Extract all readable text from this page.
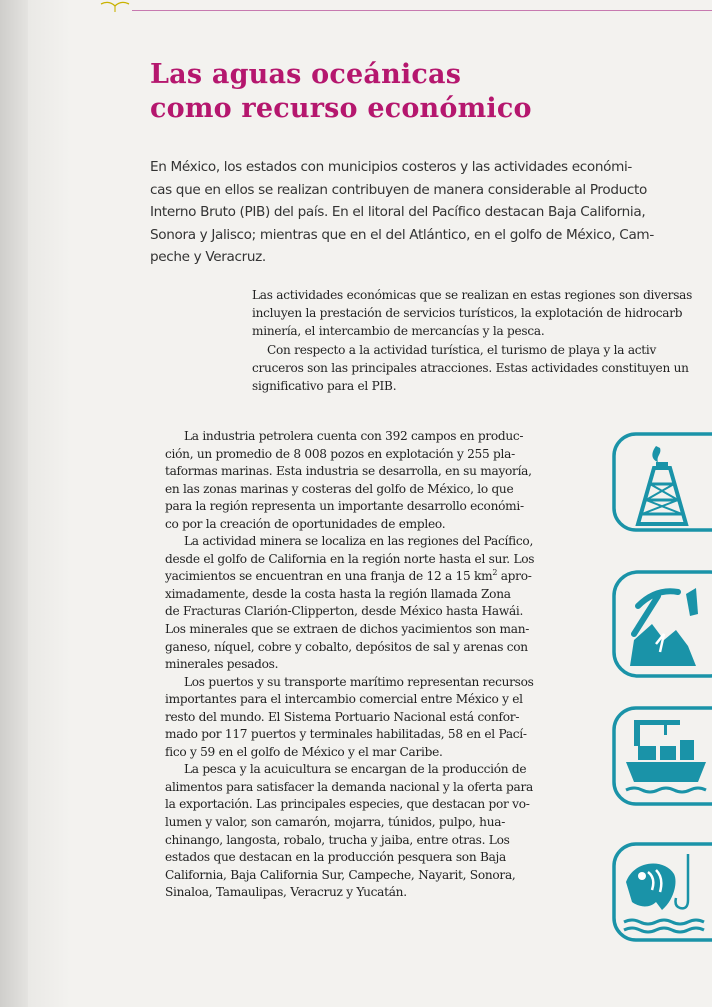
Las aguas oceánicas
como recurso económico

En México, los estados con municipios costeros y las actividades económi-
cas que en ellos se realizan contribuyen de manera considerable al Producto
Interno Bruto (PIB) del país. En el litoral del Pacífico destacan Baja California,
Sonora y Jalisco; mientras que en el del Atlántico, en el golfo de México, Cam-
peche y Veracruz.

Las actividades económicas que se realizan en estas regiones son diversas
incluyen la prestación de servicios turísticos, la explotación de hidrocarb
minería, el intercambio de mercancías y la pesca.
Con respecto a la actividad turística, el turismo de playa y la activ
cruceros son las principales atracciones. Estas actividades constituyen un
significativo para el PIB.
La industria petrolera cuenta con 392 campos en produc-
ción, un promedio de 8 008 pozos en explotación y 255 pla-
taformas marinas. Esta industria se desarrolla, en su mayoría,
en las zonas marinas y costeras del golfo de México, lo que
para la región representa un importante desarrollo económi-
co por la creación de oportunidades de empleo.
La actividad minera se localiza en las regiones del Pacífico,
desde el golfo de California en la región norte hasta el sur. Los
yacimientos se encuentran en una franja de 12 a 15 $km^2$ apro-
ximadamente, desde la costa hasta la región llamada Zona
de Fracturas Clarión-Clipperton, desde México hasta Hawái.
Los minerales que se extraen de dichos yacimientos son man-
ganeso, níquel, cobre y cobalto, depósitos de sal y arenas con
minerales pesados.
Los puertos y su transporte marítimo representan recursos
importantes para el intercambio comercial entre México y el
resto del mundo. El Sistema Portuario Nacional está confor-
mado por 117 puertos y terminales habilitadas, 58 en el Pací-
fico y 59 en el golfo de México y el mar Caribe.
La pesca y la acuicultura se encargan de la producción de
alimentos para satisfacer la demanda nacional y la oferta para
la exportación. Las principales especies, que destacan por vo-
lumen y valor, son camarón, mojarra, túnidos, pulpo, hua-
chinango, langosta, robalo, trucha y jaiba, entre otras. Los
estados que destacan en la producción pesquera son Baja
California, Baja California Sur, Campeche, Nayarit, Sonora,
Sinaloa, Tamaulipas, Veracruz y Yucatán.
